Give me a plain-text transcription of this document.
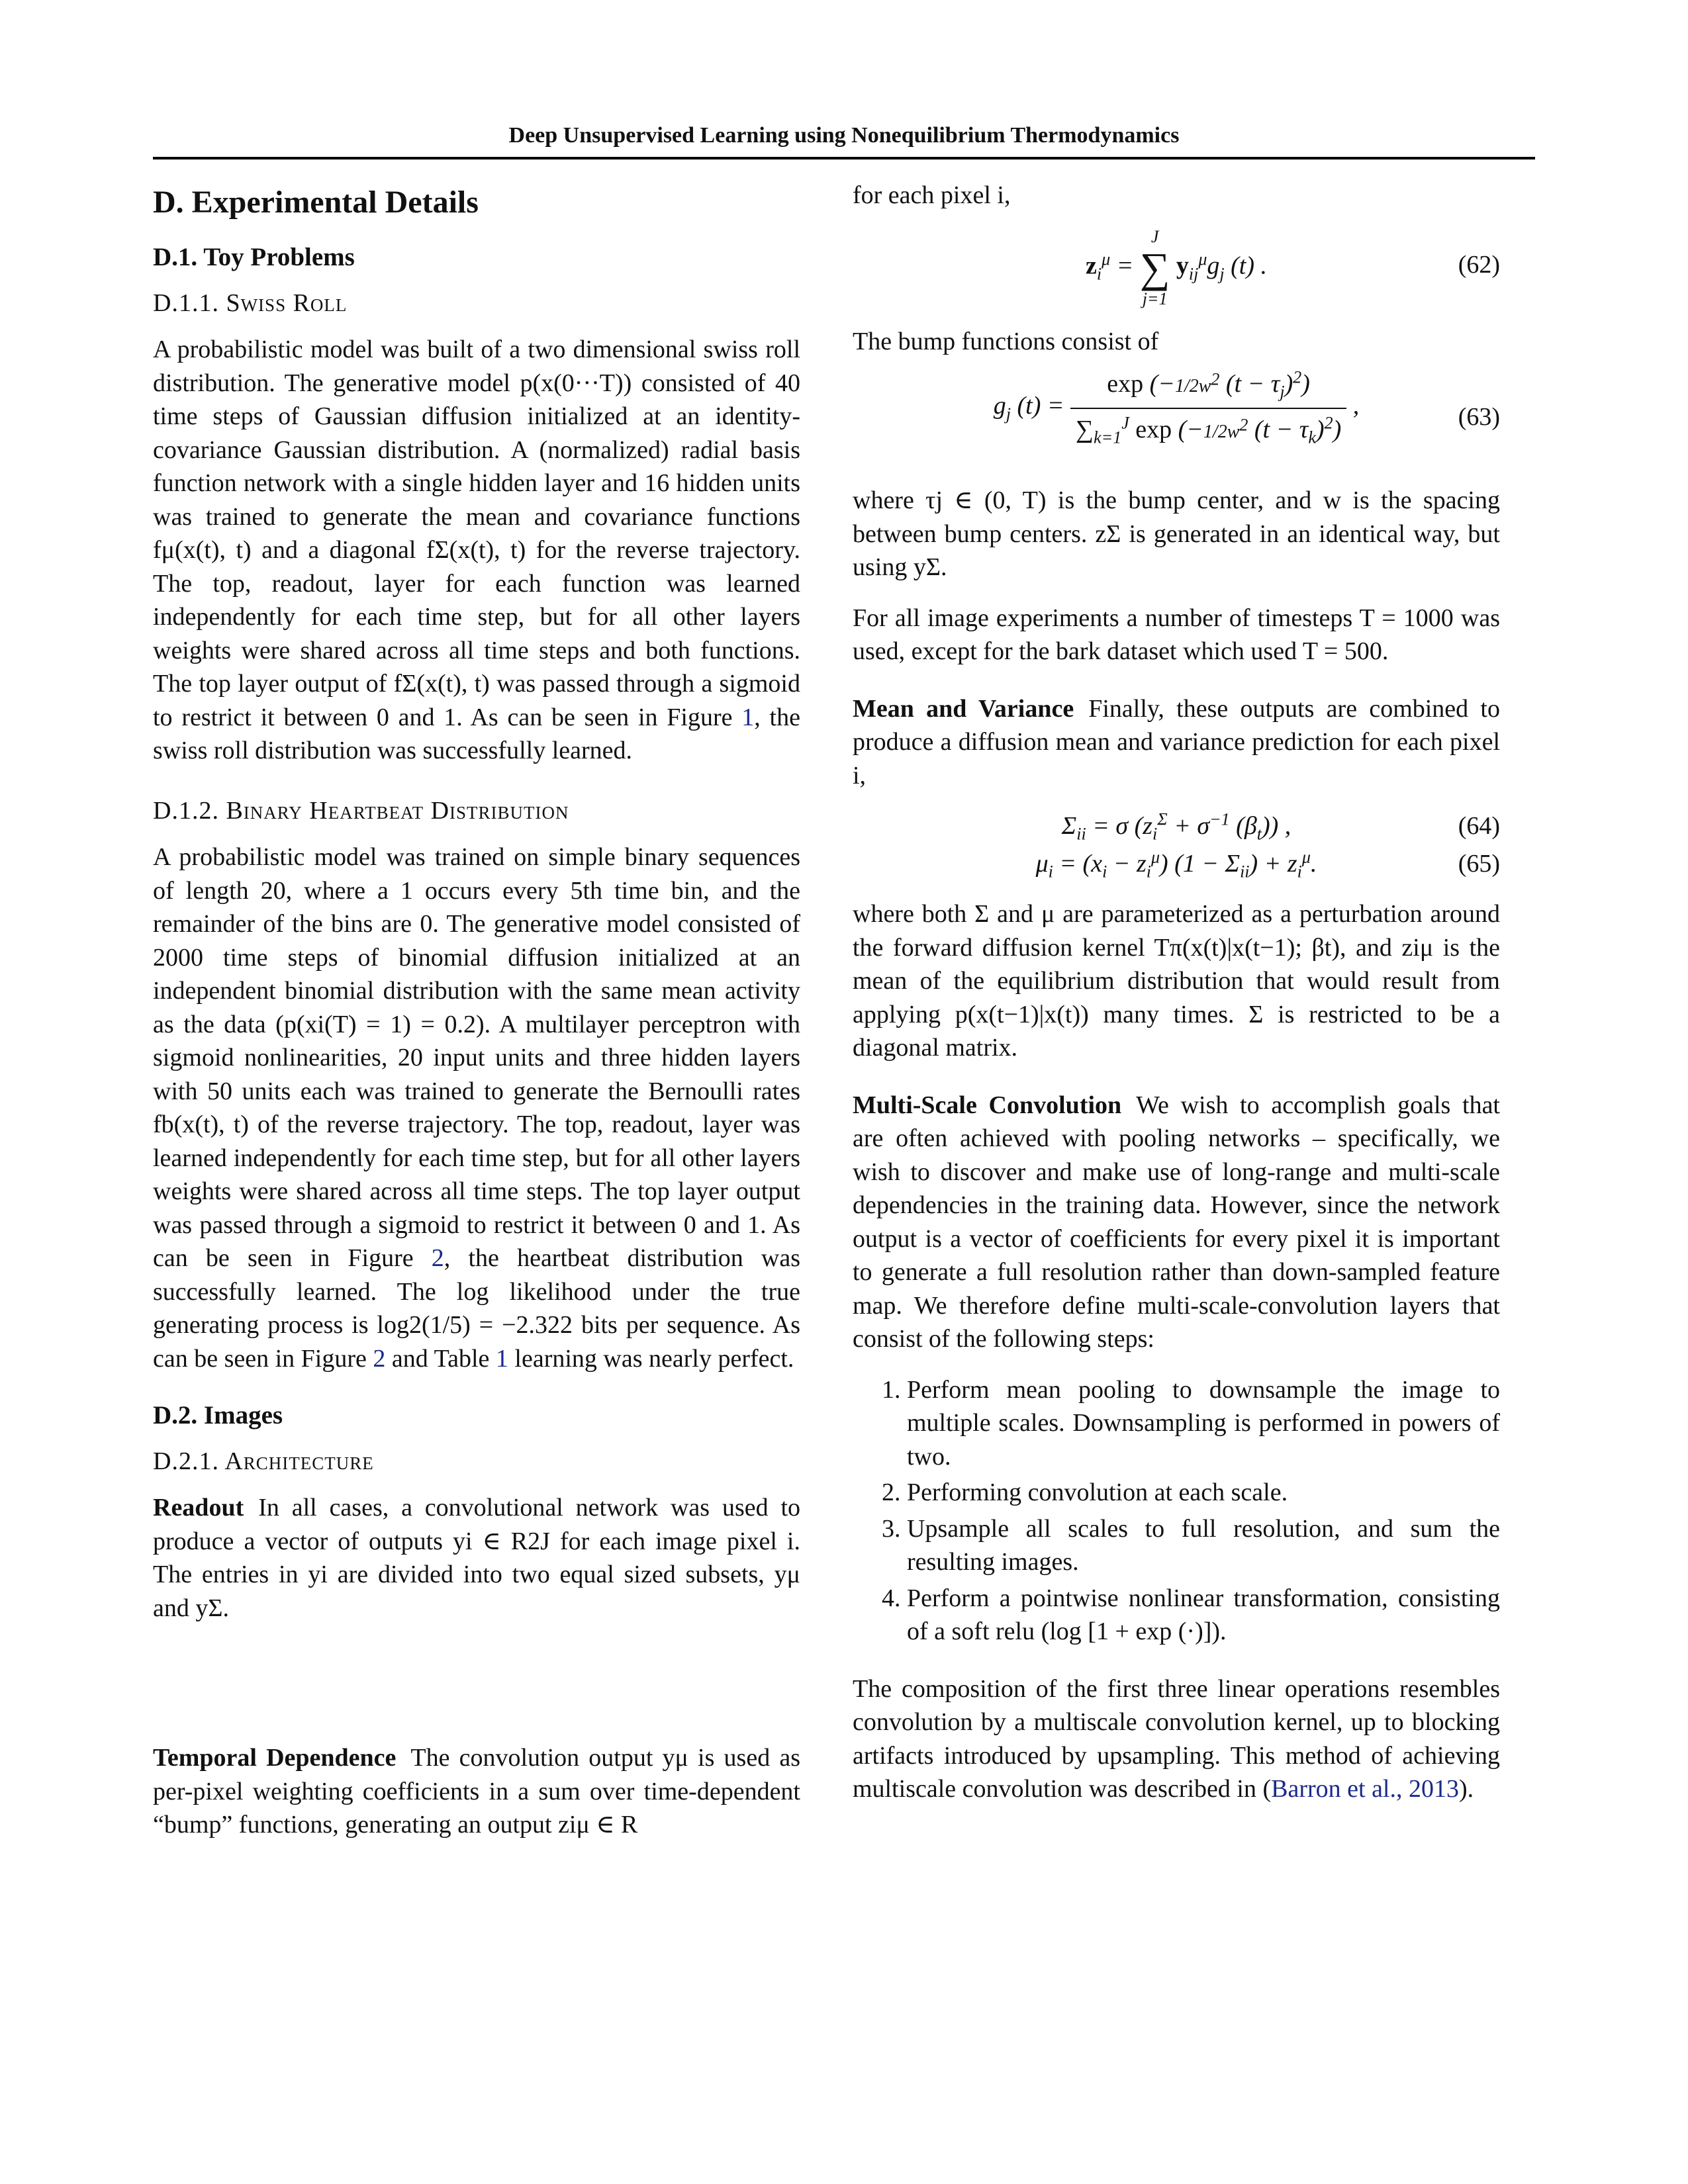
Deep Unsupervised Learning using Nonequilibrium Thermodynamics
D. Experimental Details
D.1. Toy Problems
D.1.1. Swiss Roll

A probabilistic model was built of a two dimensional swiss roll distribution. The generative model p(x(0···T)) consisted of 40 time steps of Gaussian diffusion initialized at an identity-covariance Gaussian distribution. A (normalized) radial basis function network with a single hidden layer and 16 hidden units was trained to generate the mean and covariance functions fμ(x(t), t) and a diagonal fΣ(x(t), t) for the reverse trajectory. The top, readout, layer for each function was learned independently for each time step, but for all other layers weights were shared across all time steps and both functions. The top layer output of fΣ(x(t), t) was passed through a sigmoid to restrict it between 0 and 1. As can be seen in Figure 1, the swiss roll distribution was successfully learned.

D.1.2. Binary Heartbeat Distribution

A probabilistic model was trained on simple binary sequences of length 20, where a 1 occurs every 5th time bin, and the remainder of the bins are 0. The generative model consisted of 2000 time steps of binomial diffusion initialized at an independent binomial distribution with the same mean activity as the data (p(xi(T) = 1) = 0.2). A multilayer perceptron with sigmoid nonlinearities, 20 input units and three hidden layers with 50 units each was trained to generate the Bernoulli rates fb(x(t), t) of the reverse trajectory. The top, readout, layer was learned independently for each time step, but for all other layers weights were shared across all time steps. The top layer output was passed through a sigmoid to restrict it between 0 and 1. As can be seen in Figure 2, the heartbeat distribution was successfully learned. The log likelihood under the true generating process is log2(1/5) = −2.322 bits per sequence. As can be seen in Figure 2 and Table 1 learning was nearly perfect.

D.2. Images
D.2.1. Architecture

Readout In all cases, a convolutional network was used to produce a vector of outputs yi ∈ R2J for each image pixel i. The entries in yi are divided into two equal sized subsets, yμ and yΣ.

Temporal Dependence The convolution output yμ is used as per-pixel weighting coefficients in a sum over time-dependent “bump” functions, generating an output ziμ ∈ R

for each pixel i,

$z_i^\mu$ =
J
∑
j=1
$y_{ij}^\mu g_j$ (t) .	(62)

The bump functions consist of

$g_j$ $(t) = \frac{\exp (-1/2w^2 (t - \tau_j)^2)}{\sum_{k=1}^J \exp (-1/2w^2 (t - \tau_k)^2)}$ ,	(63)

where τj ∈ (0, T) is the bump center, and w is the spacing between bump centers. zΣ is generated in an identical way, but using yΣ.

For all image experiments a number of timesteps T = 1000 was used, except for the bark dataset which used T = 500.

Mean and Variance Finally, these outputs are combined to produce a diffusion mean and variance prediction for each pixel i,

$\Sigma_{ii} = \sigma$ ($z_i^\Sigma + \sigma^{-1}$ $(\beta_t)$) ,	(64)
$\mu_i = (x_i - z_i^\mu) (1 - \Sigma_{ii}) + z_i^\mu$.	(65)

where both Σ and μ are parameterized as a perturbation around the forward diffusion kernel Tπ(x(t)|x(t−1); βt), and ziμ is the mean of the equilibrium distribution that would result from applying p(x(t−1)|x(t)) many times. Σ is restricted to be a diagonal matrix.

Multi-Scale Convolution We wish to accomplish goals that are often achieved with pooling networks – specifically, we wish to discover and make use of long-range and multi-scale dependencies in the training data. However, since the network output is a vector of coefficients for every pixel it is important to generate a full resolution rather than down-sampled feature map. We therefore define multi-scale-convolution layers that consist of the following steps:

1. Perform mean pooling to downsample the image to multiple scales. Downsampling is performed in powers of two.
2. Performing convolution at each scale.
3. Upsample all scales to full resolution, and sum the resulting images.
4. Perform a pointwise nonlinear transformation, consisting of a soft relu (log [1 + exp (·)]).

The composition of the first three linear operations resembles convolution by a multiscale convolution kernel, up to blocking artifacts introduced by upsampling. This method of achieving multiscale convolution was described in (Barron et al., 2013).
